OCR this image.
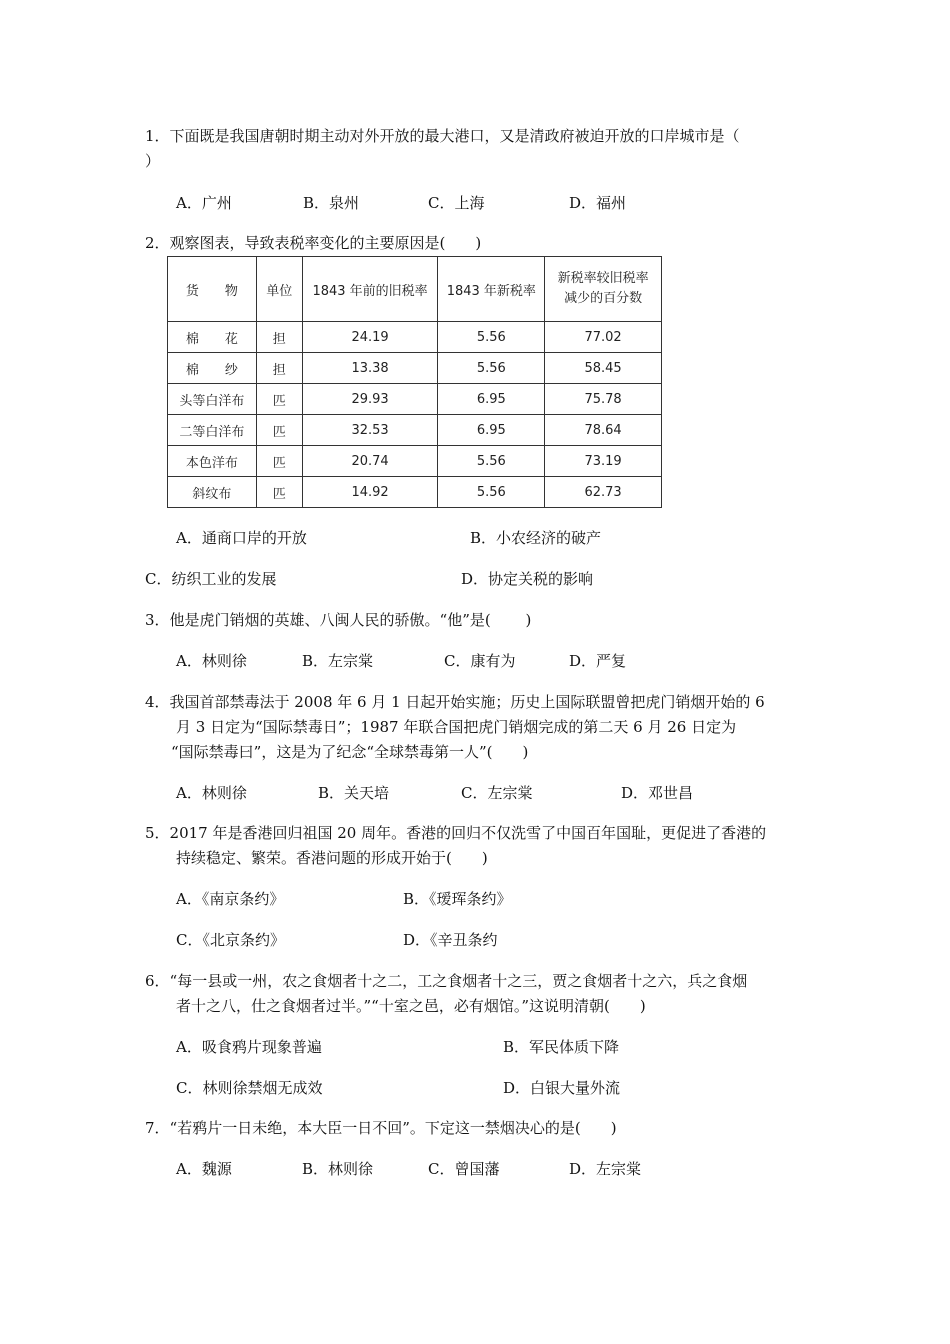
1．下面既是我国唐朝时期主动对外开放的最大港口，又是清政府被迫开放的口岸城市是（
）
A．广州	B．泉州	C．上海	D．福州
2．观察图表，导致表税率变化的主要原因是(　　)
货　　物	单位	1843 年前的旧税率	1843 年新税率	新税率较旧税率减少的百分数
棉　　花	担	24.19	5.56	77.02
棉　　纱	担	13.38	5.56	58.45
头等白洋布	匹	29.93	6.95	75.78
二等白洋布	匹	32.53	6.95	78.64
本色洋布	匹	20.74	5.56	73.19
斜纹布	匹	14.92	5.56	62.73
A．通商口岸的开放	B．小农经济的破产
C．纺织工业的发展	D．协定关税的影响
3．他是虎门销烟的英雄、八闽人民的骄傲。“他”是(　　 )
A．林则徐	B．左宗棠	C．康有为	D．严复
4．我国首部禁毒法于 2008 年 6 月 1 日起开始实施；历史上国际联盟曾把虎门销烟开始的 6
月 3 日定为“国际禁毒日”；1987 年联合国把虎门销烟完成的第二天 6 月 26 日定为
“国际禁毒曰”，这是为了纪念“全球禁毒第一人”(　　)
A．林则徐	B．关天培	C．左宗棠	D．邓世昌
5．2017 年是香港回归祖国 20 周年。香港的回归不仅洗雪了中国百年国耻，更促进了香港的
持续稳定、繁荣。香港问题的形成开始于(　　)
A．《南京条约》	B．《瑷珲条约》
C．《北京条约》	D．《辛丑条约
6．“每一县或一州，农之食烟者十之二，工之食烟者十之三，贾之食烟者十之六，兵之食烟
者十之八，仕之食烟者过半。”“十室之邑，必有烟馆。”这说明清朝(　　)
A．吸食鸦片现象普遍	B．军民体质下降
C．林则徐禁烟无成效	D．白银大量外流
7．“若鸦片一日未绝，本大臣一日不回”。下定这一禁烟决心的是(　　)
A．魏源	B．林则徐	C．曾国藩	D．左宗棠
